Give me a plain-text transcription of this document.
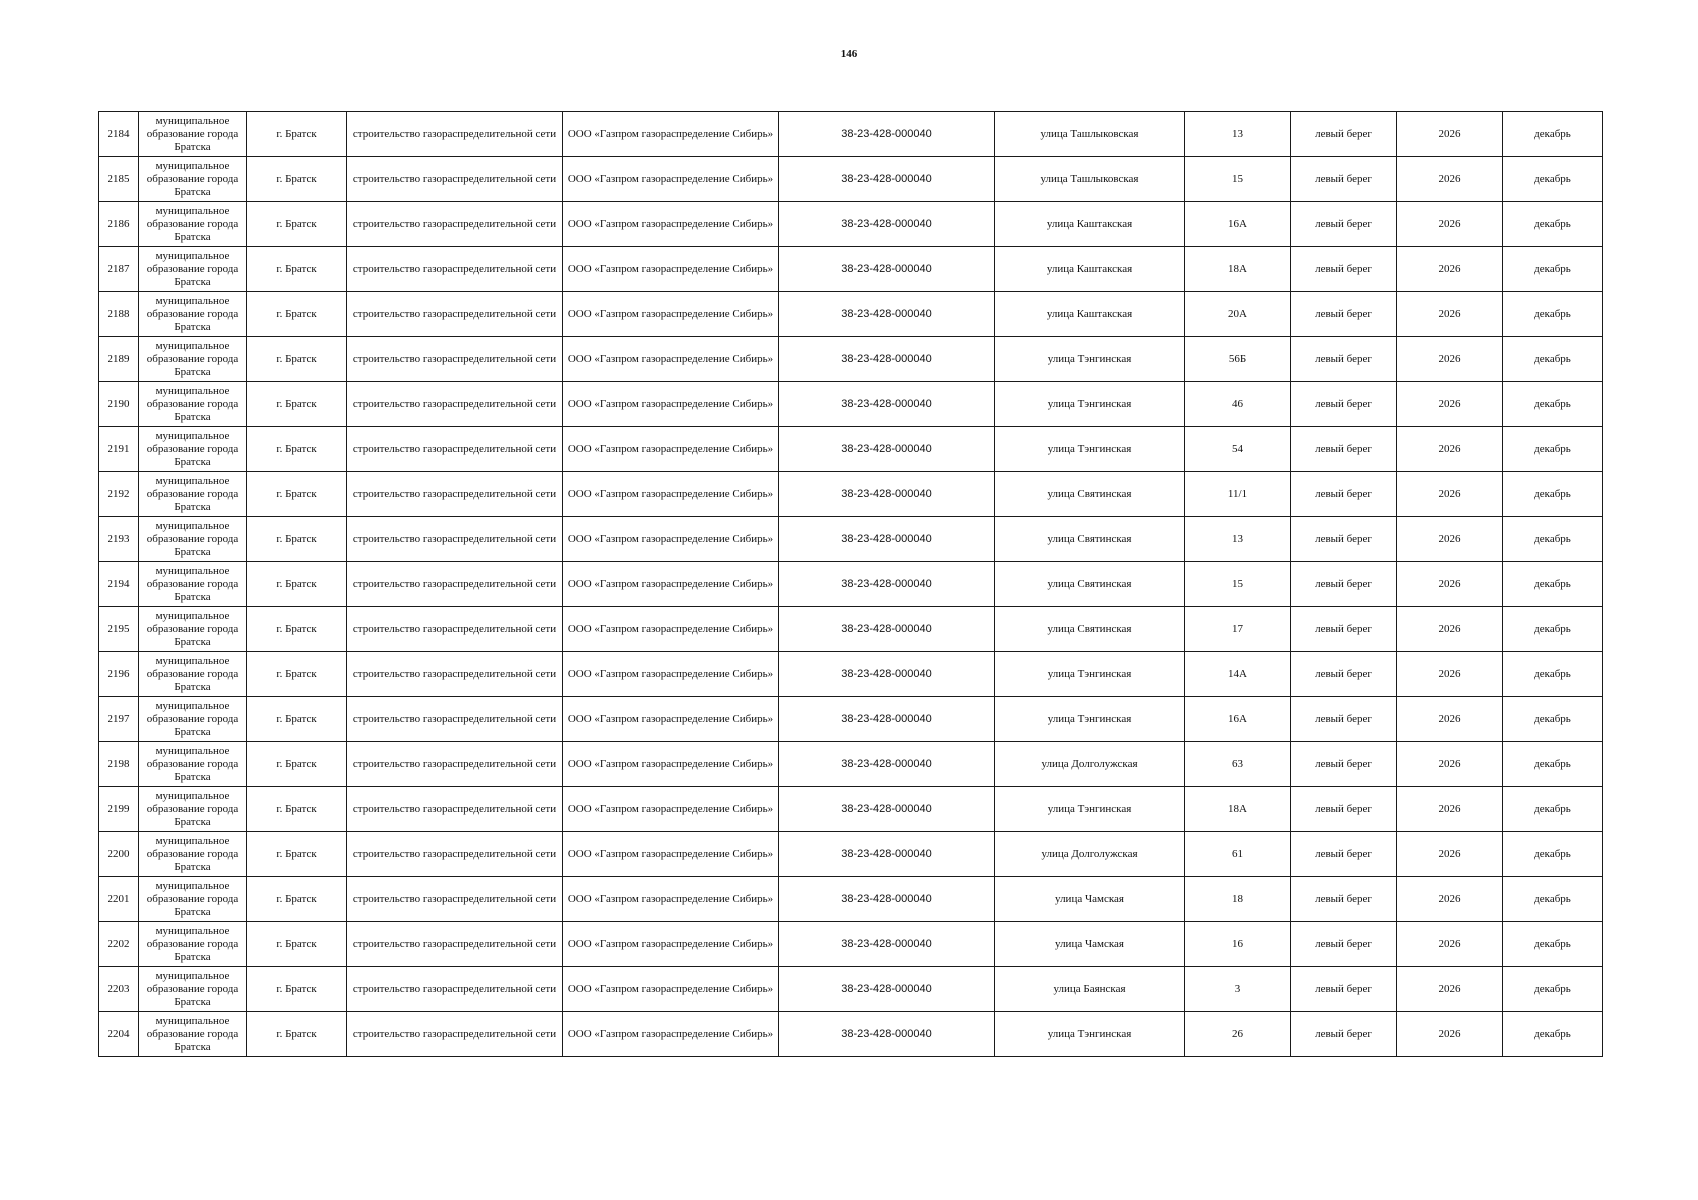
146
2184	муниципальное образование города Братска	г. Братск	строительство газораспределительной сети	ООО «Газпром газораспределение Сибирь»	38-23-428-000040	улица Ташлыковская	13	левый берег	2026	декабрь
2185	муниципальное образование города Братска	г. Братск	строительство газораспределительной сети	ООО «Газпром газораспределение Сибирь»	38-23-428-000040	улица Ташлыковская	15	левый берег	2026	декабрь
2186	муниципальное образование города Братска	г. Братск	строительство газораспределительной сети	ООО «Газпром газораспределение Сибирь»	38-23-428-000040	улица Каштакская	16А	левый берег	2026	декабрь
2187	муниципальное образование города Братска	г. Братск	строительство газораспределительной сети	ООО «Газпром газораспределение Сибирь»	38-23-428-000040	улица Каштакская	18А	левый берег	2026	декабрь
2188	муниципальное образование города Братска	г. Братск	строительство газораспределительной сети	ООО «Газпром газораспределение Сибирь»	38-23-428-000040	улица Каштакская	20А	левый берег	2026	декабрь
2189	муниципальное образование города Братска	г. Братск	строительство газораспределительной сети	ООО «Газпром газораспределение Сибирь»	38-23-428-000040	улица Тэнгинская	56Б	левый берег	2026	декабрь
2190	муниципальное образование города Братска	г. Братск	строительство газораспределительной сети	ООО «Газпром газораспределение Сибирь»	38-23-428-000040	улица Тэнгинская	46	левый берег	2026	декабрь
2191	муниципальное образование города Братска	г. Братск	строительство газораспределительной сети	ООО «Газпром газораспределение Сибирь»	38-23-428-000040	улица Тэнгинская	54	левый берег	2026	декабрь
2192	муниципальное образование города Братска	г. Братск	строительство газораспределительной сети	ООО «Газпром газораспределение Сибирь»	38-23-428-000040	улица Святинская	11/1	левый берег	2026	декабрь
2193	муниципальное образование города Братска	г. Братск	строительство газораспределительной сети	ООО «Газпром газораспределение Сибирь»	38-23-428-000040	улица Святинская	13	левый берег	2026	декабрь
2194	муниципальное образование города Братска	г. Братск	строительство газораспределительной сети	ООО «Газпром газораспределение Сибирь»	38-23-428-000040	улица Святинская	15	левый берег	2026	декабрь
2195	муниципальное образование города Братска	г. Братск	строительство газораспределительной сети	ООО «Газпром газораспределение Сибирь»	38-23-428-000040	улица Святинская	17	левый берег	2026	декабрь
2196	муниципальное образование города Братска	г. Братск	строительство газораспределительной сети	ООО «Газпром газораспределение Сибирь»	38-23-428-000040	улица Тэнгинская	14А	левый берег	2026	декабрь
2197	муниципальное образование города Братска	г. Братск	строительство газораспределительной сети	ООО «Газпром газораспределение Сибирь»	38-23-428-000040	улица Тэнгинская	16А	левый берег	2026	декабрь
2198	муниципальное образование города Братска	г. Братск	строительство газораспределительной сети	ООО «Газпром газораспределение Сибирь»	38-23-428-000040	улица Долголужская	63	левый берег	2026	декабрь
2199	муниципальное образование города Братска	г. Братск	строительство газораспределительной сети	ООО «Газпром газораспределение Сибирь»	38-23-428-000040	улица Тэнгинская	18А	левый берег	2026	декабрь
2200	муниципальное образование города Братска	г. Братск	строительство газораспределительной сети	ООО «Газпром газораспределение Сибирь»	38-23-428-000040	улица Долголужская	61	левый берег	2026	декабрь
2201	муниципальное образование города Братска	г. Братск	строительство газораспределительной сети	ООО «Газпром газораспределение Сибирь»	38-23-428-000040	улица Чамская	18	левый берег	2026	декабрь
2202	муниципальное образование города Братска	г. Братск	строительство газораспределительной сети	ООО «Газпром газораспределение Сибирь»	38-23-428-000040	улица Чамская	16	левый берег	2026	декабрь
2203	муниципальное образование города Братска	г. Братск	строительство газораспределительной сети	ООО «Газпром газораспределение Сибирь»	38-23-428-000040	улица Баянская	3	левый берег	2026	декабрь
2204	муниципальное образование города Братска	г. Братск	строительство газораспределительной сети	ООО «Газпром газораспределение Сибирь»	38-23-428-000040	улица Тэнгинская	26	левый берег	2026	декабрь
